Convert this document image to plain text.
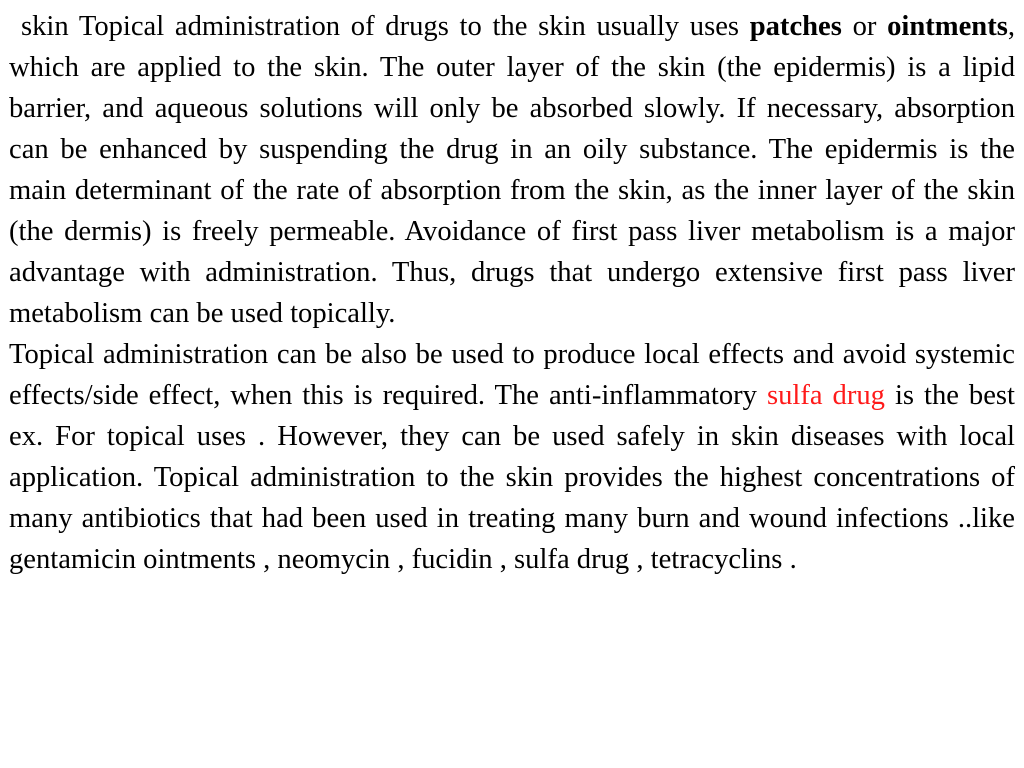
skin Topical administration of drugs to the skin usually uses patches or ointments, which are applied to the skin. The outer layer of the skin (the epidermis) is a lipid barrier, and aqueous solutions will only be absorbed slowly. If necessary, absorption can be enhanced by suspending the drug in an oily substance. The epidermis is the main determinant of the rate of absorption from the skin, as the inner layer of the skin (the dermis) is freely permeable. Avoidance of first pass liver metabolism is a major advantage with administration. Thus, drugs that undergo extensive first pass liver metabolism can be used topically.

Topical administration can be also be used to produce local effects and avoid systemic effects/side effect, when this is required. The anti-inflammatory sulfa drug is the best ex. For topical uses . However, they can be used safely in skin diseases with local application. Topical administration to the skin provides the highest concentrations of many antibiotics that had been used in treating many burn and wound infections ..like gentamicin ointments , neomycin , fucidin , sulfa drug , tetracyclins .
